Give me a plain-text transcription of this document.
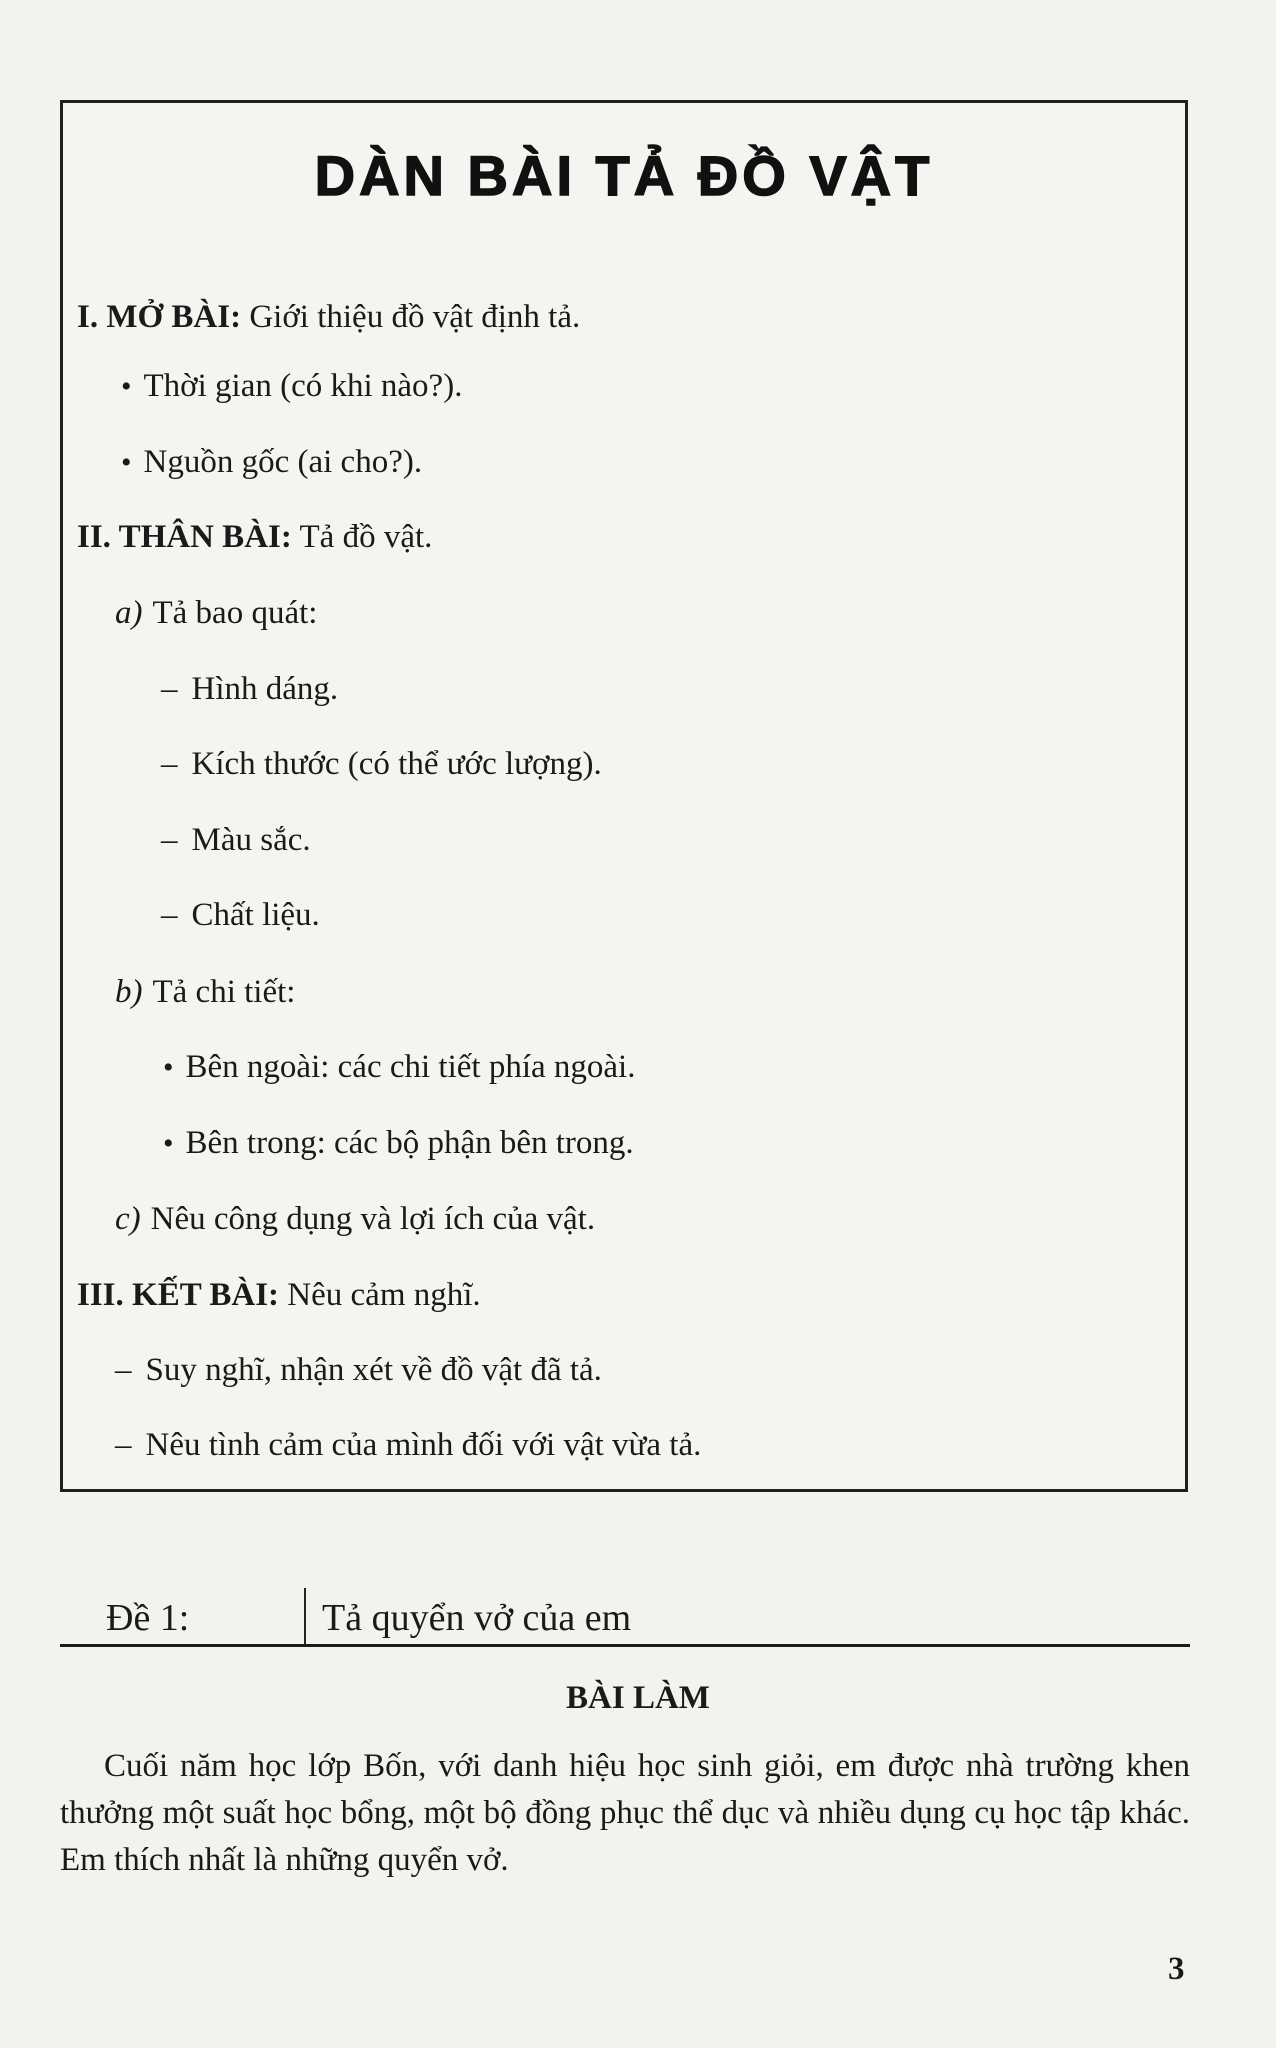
DÀN BÀI TẢ ĐỒ VẬT
I. MỞ BÀI: Giới thiệu đồ vật định tả.
• Thời gian (có khi nào?).
• Nguồn gốc (ai cho?).
II. THÂN BÀI: Tả đồ vật.
a) Tả bao quát:
– Hình dáng.
– Kích thước (có thể ước lượng).
– Màu sắc.
– Chất liệu.
b) Tả chi tiết:
• Bên ngoài: các chi tiết phía ngoài.
• Bên trong: các bộ phận bên trong.
c) Nêu công dụng và lợi ích của vật.
III. KẾT BÀI: Nêu cảm nghĩ.
– Suy nghĩ, nhận xét về đồ vật đã tả.
– Nêu tình cảm của mình đối với vật vừa tả.
Đề 1:	Tả quyển vở của em
BÀI LÀM
Cuối năm học lớp Bốn, với danh hiệu học sinh giỏi, em được nhà trường khen thưởng một suất học bổng, một bộ đồng phục thể dục và nhiều dụng cụ học tập khác. Em thích nhất là những quyển vở.
3
